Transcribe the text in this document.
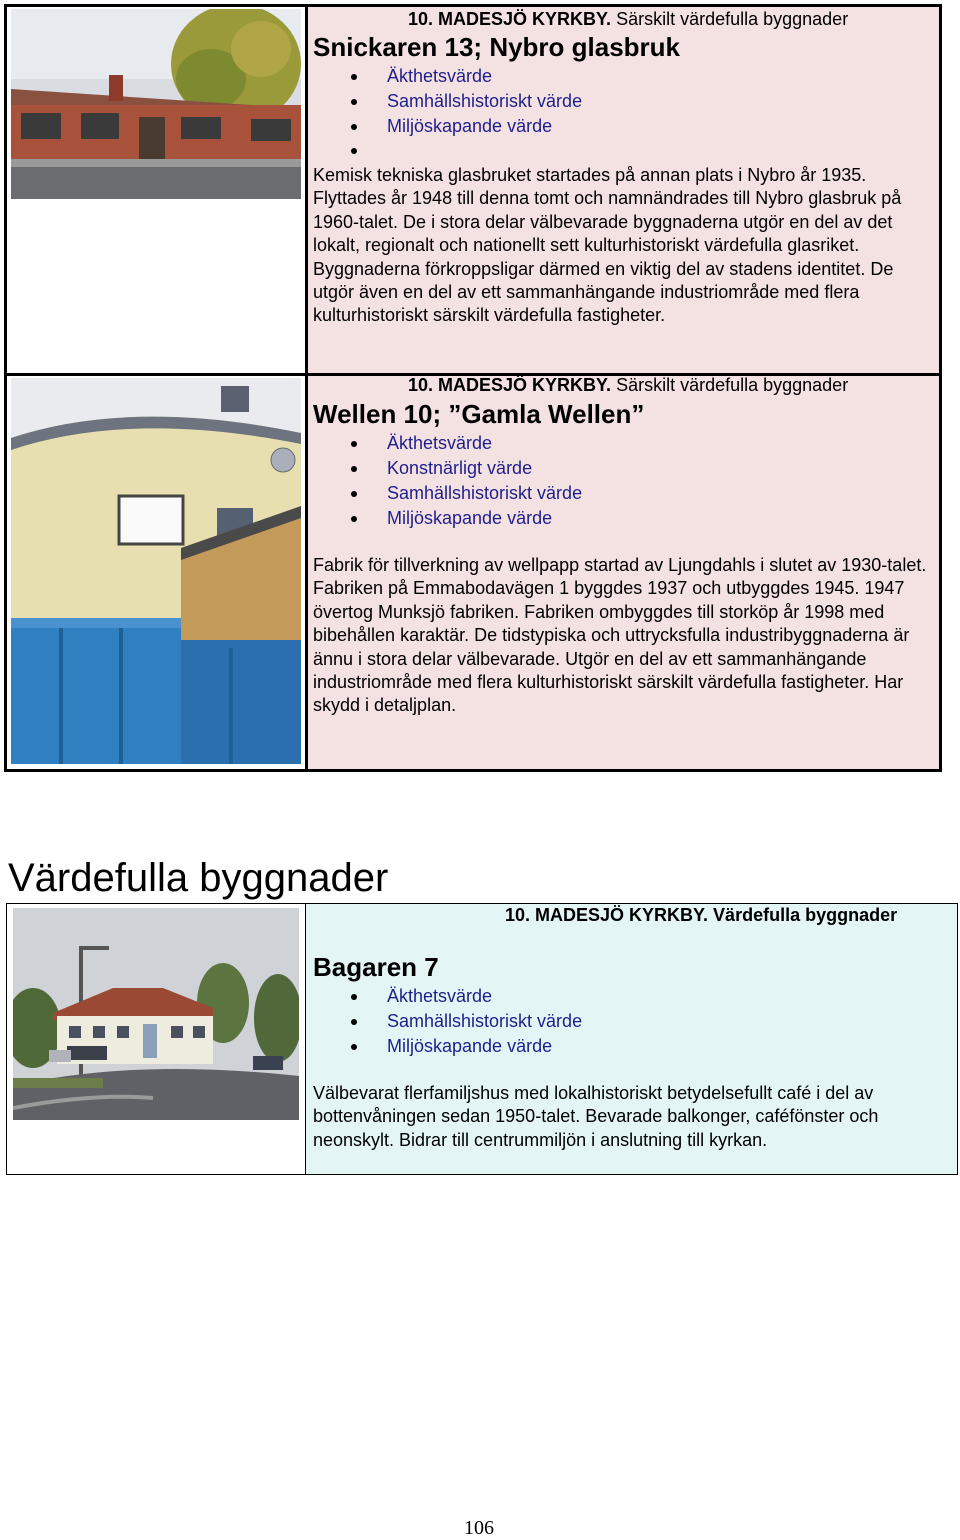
10. MADESJÖ KYRKBY. Särskilt värdefulla byggnader
Snickaren 13; Nybro glasbruk
Äkthetsvärde
Samhällshistoriskt värde
Miljöskapande värde
Kemisk tekniska glasbruket startades på annan plats i Nybro år 1935. Flyttades år 1948 till denna tomt och namnändrades till Nybro glasbruk på 1960-talet. De i stora delar välbevarade byggnaderna utgör en del av det lokalt, regionalt och nationellt sett kulturhistoriskt värdefulla glasriket. Byggnaderna förkroppsligar därmed en viktig del av stadens identitet. De utgör även en del av ett sammanhängande industriområde med flera kulturhistoriskt särskilt värdefulla fastigheter.
10. MADESJÖ KYRKBY. Särskilt värdefulla byggnader
Wellen 10; ”Gamla Wellen”
Äkthetsvärde
Konstnärligt värde
Samhällshistoriskt värde
Miljöskapande värde
Fabrik för tillverkning av wellpapp startad av Ljungdahls i slutet av 1930-talet. Fabriken på Emmabodavägen 1 byggdes 1937 och utbyggdes 1945. 1947 övertog Munksjö fabriken. Fabriken ombyggdes till storköp år 1998 med bibehållen karaktär. De tidstypiska och uttrycksfulla industribyggnaderna är ännu i stora delar välbevarade. Utgör en del av ett sammanhängande industriområde med flera kulturhistoriskt särskilt värdefulla fastigheter. Har skydd i detaljplan.
Värdefulla byggnader
10. MADESJÖ KYRKBY. Värdefulla byggnader
Bagaren 7
Äkthetsvärde
Samhällshistoriskt värde
Miljöskapande värde
Välbevarat flerfamiljshus med lokalhistoriskt betydelsefullt café i del av bottenvåningen sedan 1950-talet. Bevarade balkonger, caféfönster och neonskylt. Bidrar till centrummiljön i anslutning till kyrkan.
106
